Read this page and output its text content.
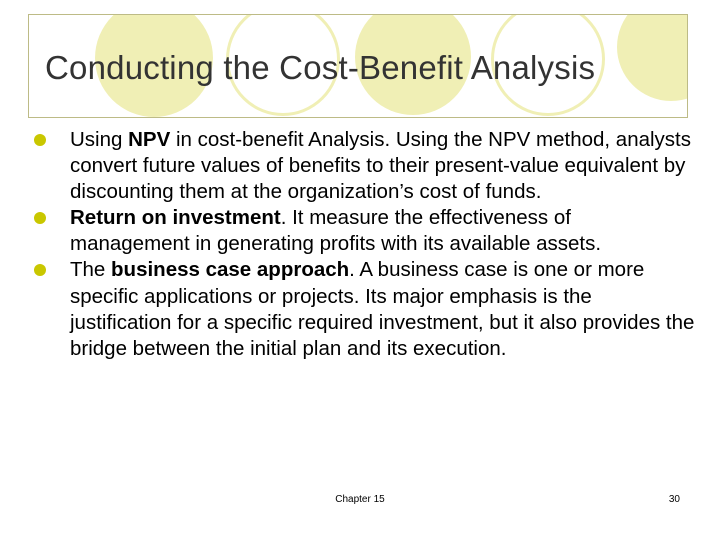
Conducting the Cost-Benefit Analysis
Using NPV in cost-benefit Analysis. Using the NPV method, analysts convert future values of benefits to their present-value equivalent by discounting them at the organization’s cost of funds.
Return on investment. It measure the effectiveness of management in generating profits with its available assets.
The business case approach. A business case is one or more specific applications or projects. Its major emphasis is the justification for a specific required investment, but it also provides the bridge between the initial plan and its execution.
Chapter 15	30
